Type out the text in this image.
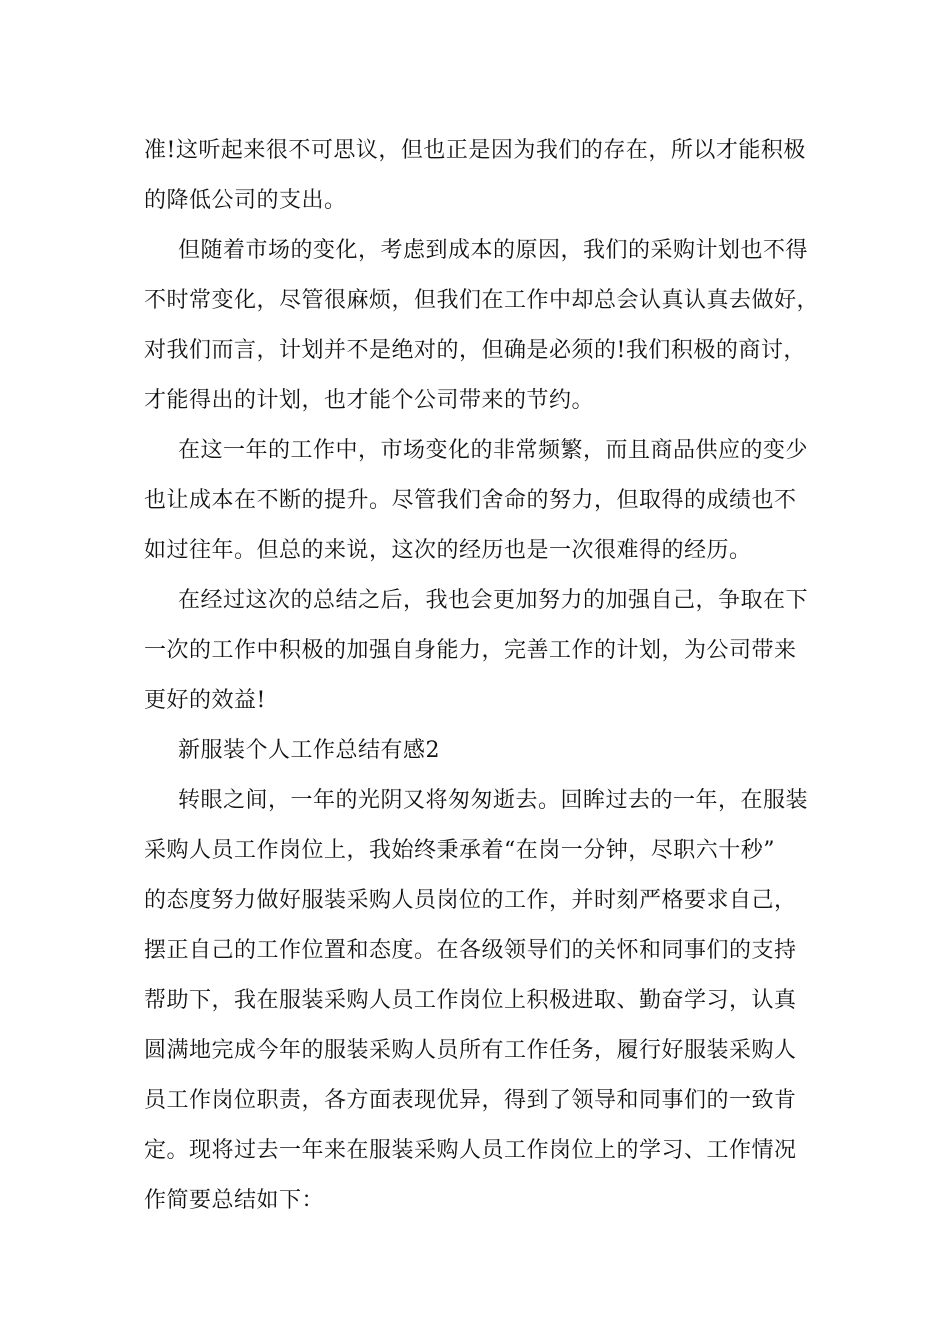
准!这听起来很不可思议，但也正是因为我们的存在，所以才能积极
的降低公司的支出。
但随着市场的变化，考虑到成本的原因，我们的采购计划也不得
不时常变化，尽管很麻烦，但我们在工作中却总会认真认真去做好，
对我们而言，计划并不是绝对的，但确是必须的!我们积极的商讨，
才能得出的计划，也才能个公司带来的节约。
在这一年的工作中，市场变化的非常频繁，而且商品供应的变少
也让成本在不断的提升。尽管我们舍命的努力，但取得的成绩也不
如过往年。但总的来说，这次的经历也是一次很难得的经历。
在经过这次的总结之后，我也会更加努力的加强自己，争取在下
一次的工作中积极的加强自身能力，完善工作的计划，为公司带来
更好的效益!
新服装个人工作总结有感2
转眼之间，一年的光阴又将匆匆逝去。回眸过去的一年，在服装
采购人员工作岗位上，我始终秉承着“在岗一分钟，尽职六十秒”
的态度努力做好服装采购人员岗位的工作，并时刻严格要求自己，
摆正自己的工作位置和态度。在各级领导们的关怀和同事们的支持
帮助下，我在服装采购人员工作岗位上积极进取、勤奋学习，认真
圆满地完成今年的服装采购人员所有工作任务，履行好服装采购人
员工作岗位职责，各方面表现优异，得到了领导和同事们的一致肯
定。现将过去一年来在服装采购人员工作岗位上的学习、工作情况
作简要总结如下：
